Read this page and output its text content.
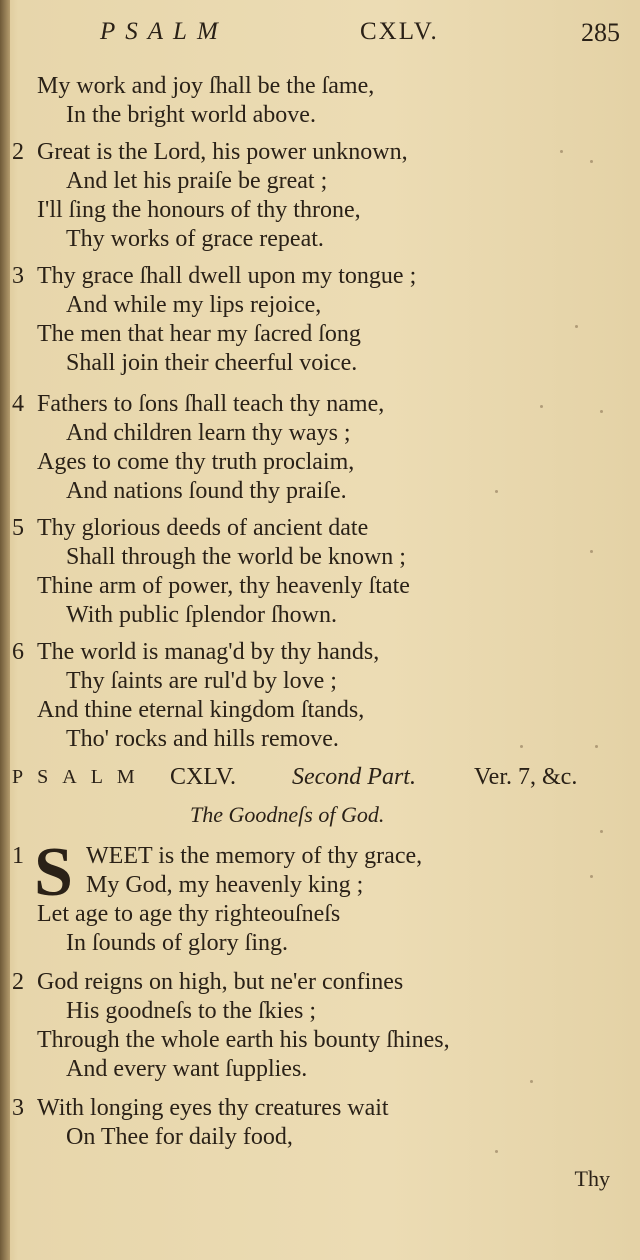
PSALM	CXLV.	285
My work and joy ſhall be the ſame,
In the bright world above.
2 Great is the Lord, his power unknown,
And let his praiſe be great ;
I'll ſing the honours of thy throne,
Thy works of grace repeat.
3 Thy grace ſhall dwell upon my tongue ;
And while my lips rejoice,
The men that hear my ſacred ſong
Shall join their cheerful voice.
4 Fathers to ſons ſhall teach thy name,
And children learn thy ways ;
Ages to come thy truth proclaim,
And nations ſound thy praiſe.
5 Thy glorious deeds of ancient date
Shall through the world be known ;
Thine arm of power, thy heavenly ſtate
With public ſplendor ſhown.
6 The world is manag'd by thy hands,
Thy ſaints are rul'd by love ;
And thine eternal kingdom ſtands,
Tho' rocks and hills remove.
PSALM CXLV. Second Part. Ver. 7, &c.
The Goodneſs of God.
S
1	WEET is the memory of thy grace,
My God, my heavenly king ;
Let age to age thy righteouſneſs
In ſounds of glory ſing.
2 God reigns on high, but ne'er confines
His goodneſs to the ſkies ;
Through the whole earth his bounty ſhines,
And every want ſupplies.
3 With longing eyes thy creatures wait
On Thee for daily food,
Thy
